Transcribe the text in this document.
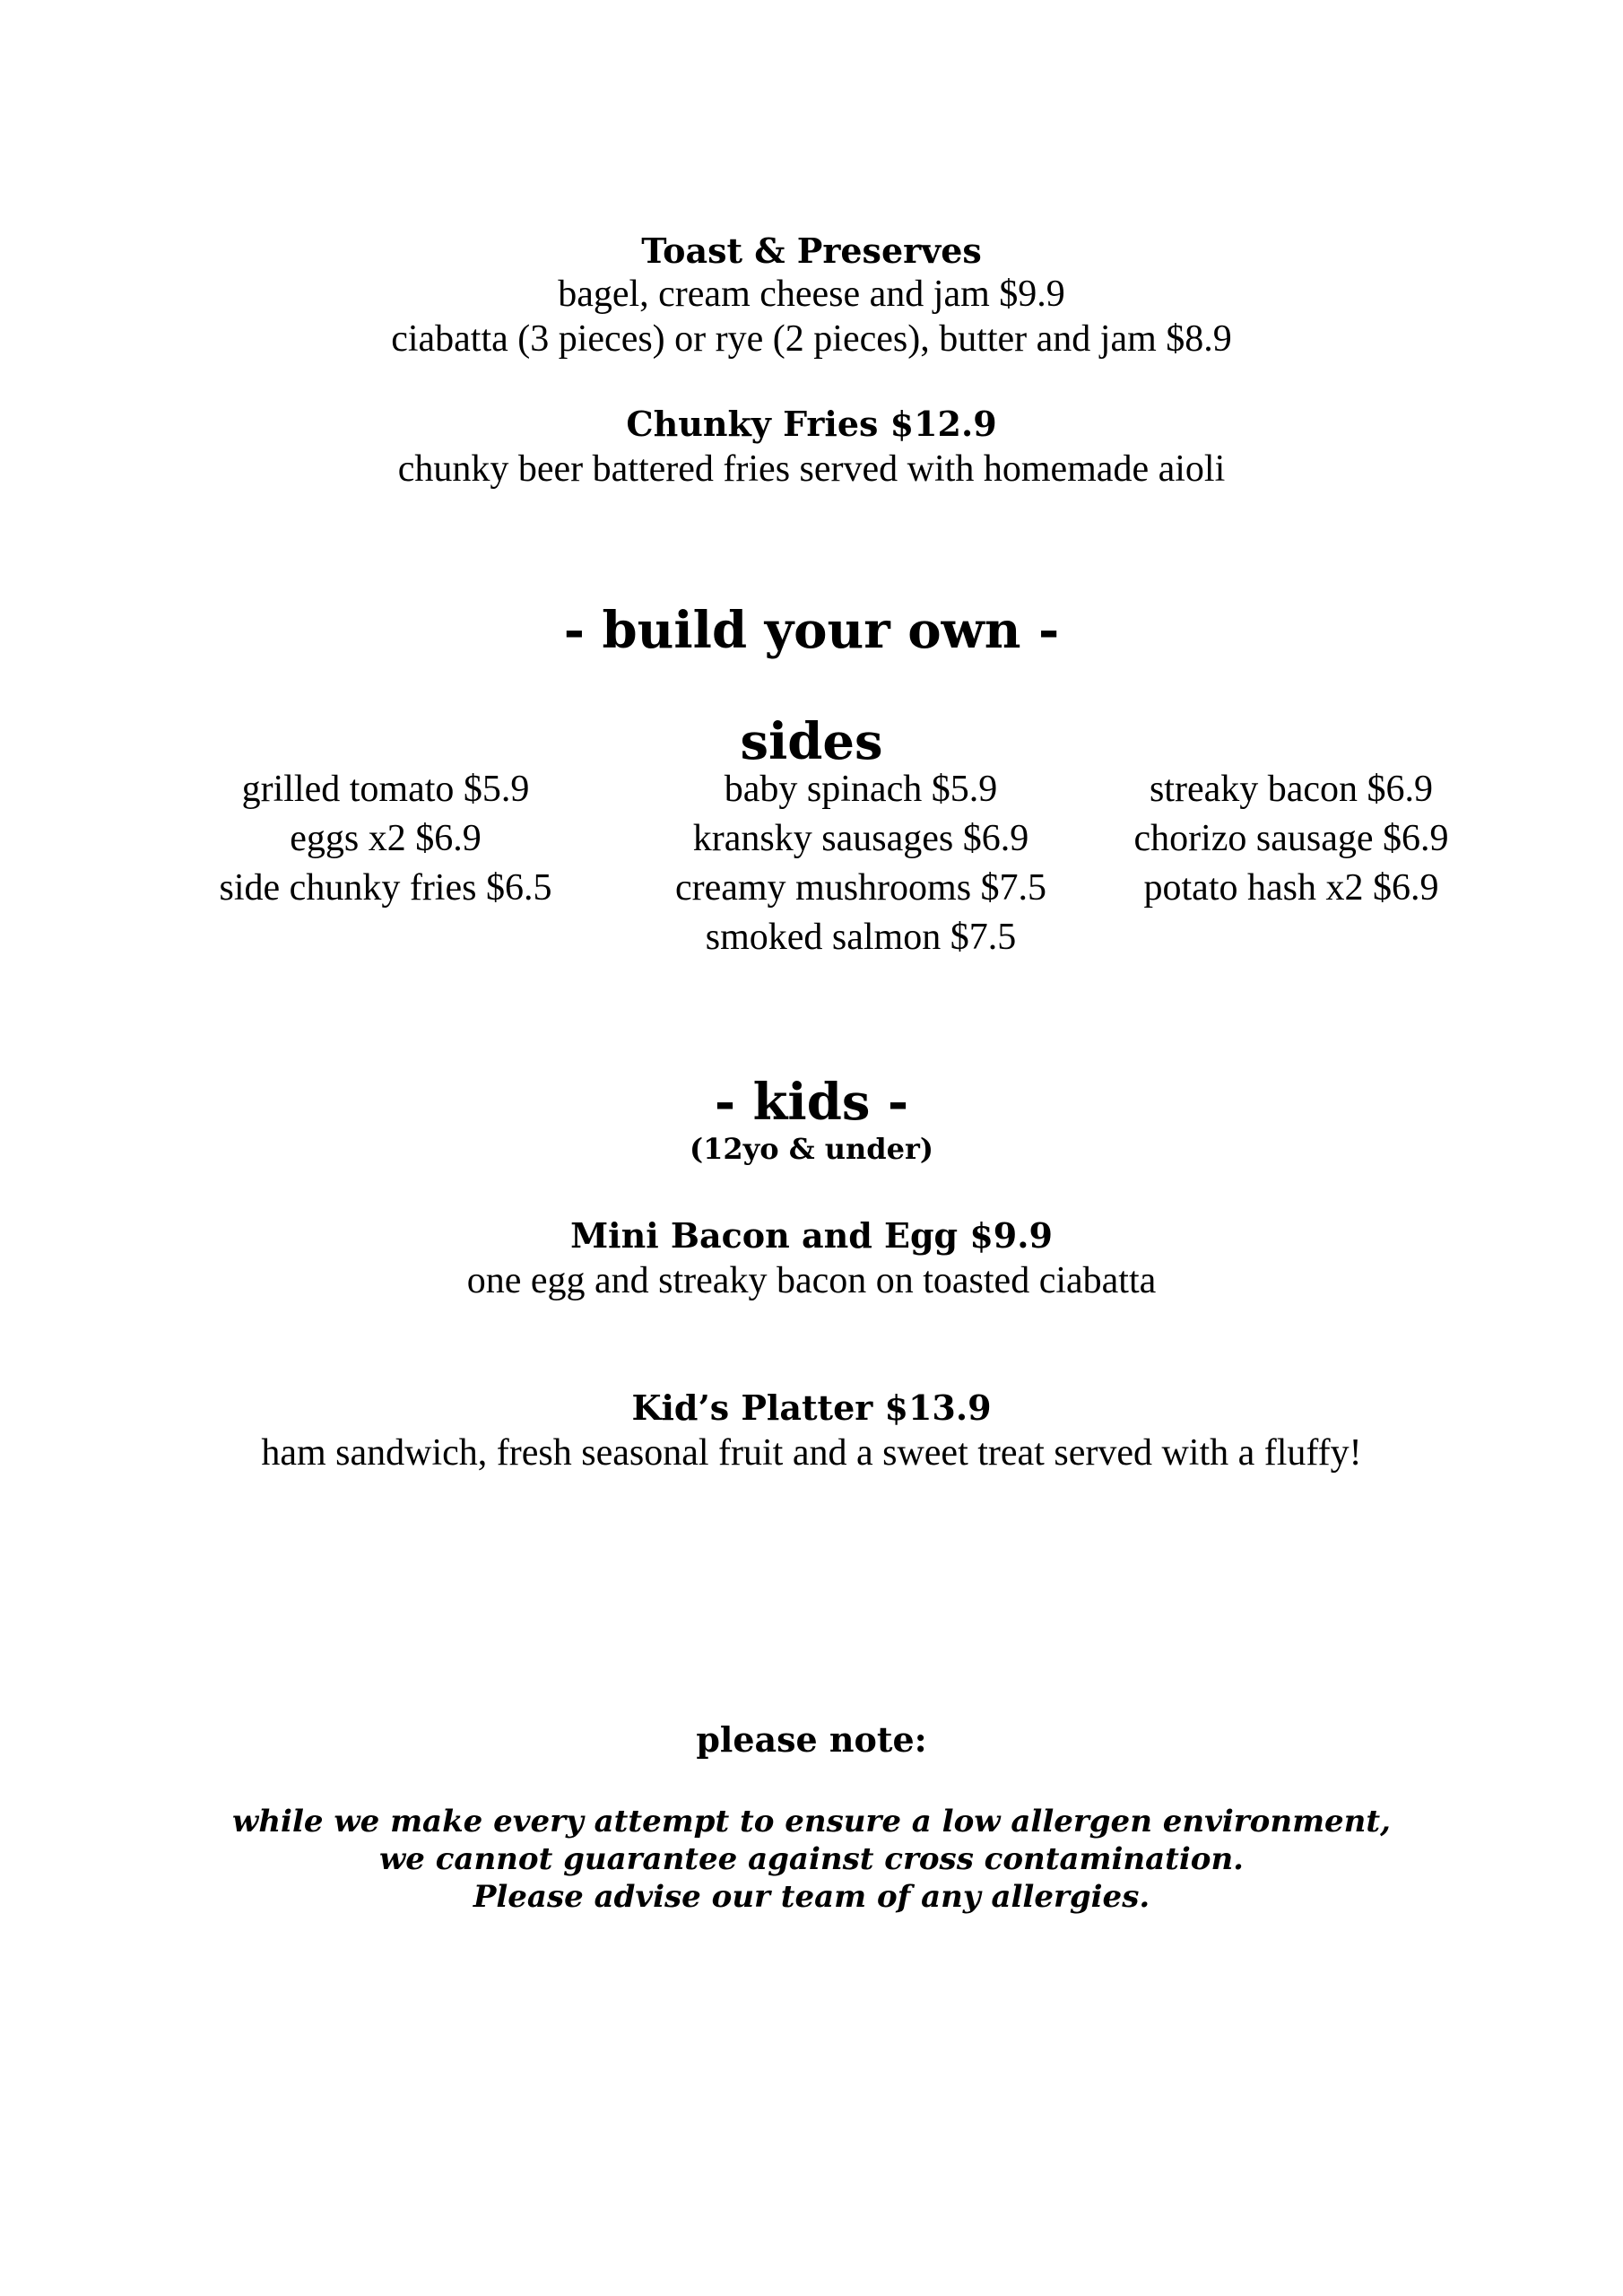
Toast & Preserves
bagel, cream cheese and jam $9.9
ciabatta (3 pieces) or rye (2 pieces), butter and jam $8.9
Chunky Fries $12.9
chunky beer battered fries served with homemade aioli
- build your own -
sides
grilled tomato $5.9
eggs x2 $6.9
side chunky fries $6.5
baby spinach $5.9
kransky sausages $6.9
creamy mushrooms $7.5
smoked salmon $7.5
streaky bacon $6.9
chorizo sausage $6.9
potato hash x2 $6.9
- kids -
(12yo & under)
Mini Bacon and Egg $9.9
one egg and streaky bacon on toasted ciabatta
Kid’s Platter $13.9
ham sandwich, fresh seasonal fruit and a sweet treat served with a fluffy!
please note:
while we make every attempt to ensure a low allergen environment,
we cannot guarantee against cross contamination.
Please advise our team of any allergies.
